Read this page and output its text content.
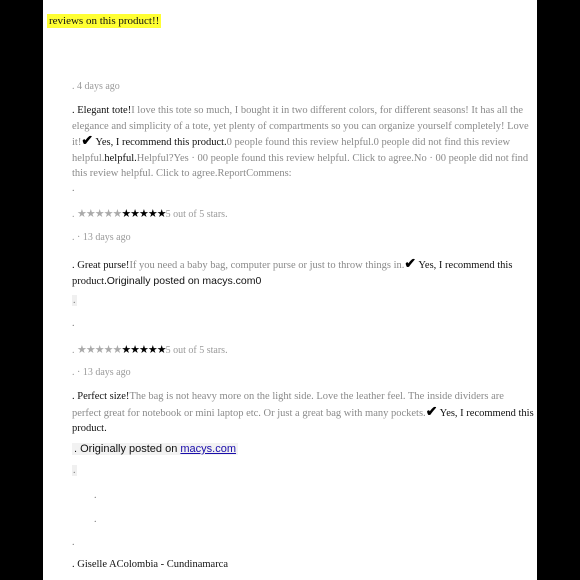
reviews on this product!!
. 4 days ago
. Elegant tote!I love this tote so much, I bought it in two different colors, for different seasons! It has all the elegance and simplicity of a tote, yet plenty of compartments so you can organize yourself completely! Love it!✔ Yes, I recommend this product.0 people found this review helpful.0 people did not find this review helpful.helpful.Helpful?Yes · 00 people found this review helpful. Click to agree.No · 00 people did not find this review helpful. Click to agree.ReportCommens:
.
. ★★★★★★★★★★5 out of 5 stars.
. · 13 days ago
. Great purse!If you need a baby bag, computer purse or just to throw things in.✔ Yes, I recommend this product.Originally posted on macys.com0
.
.
. ★★★★★★★★★★5 out of 5 stars.
. · 13 days ago
. Perfect size!The bag is not heavy more on the light side. Love the leather feel. The inside dividers are perfect great for notebook or mini laptop etc. Or just a great bag with many pockets.✔ Yes, I recommend this product.
. Originally posted on macys.com
.
.
.
.
. Giselle AColombia - Cundinamarca
